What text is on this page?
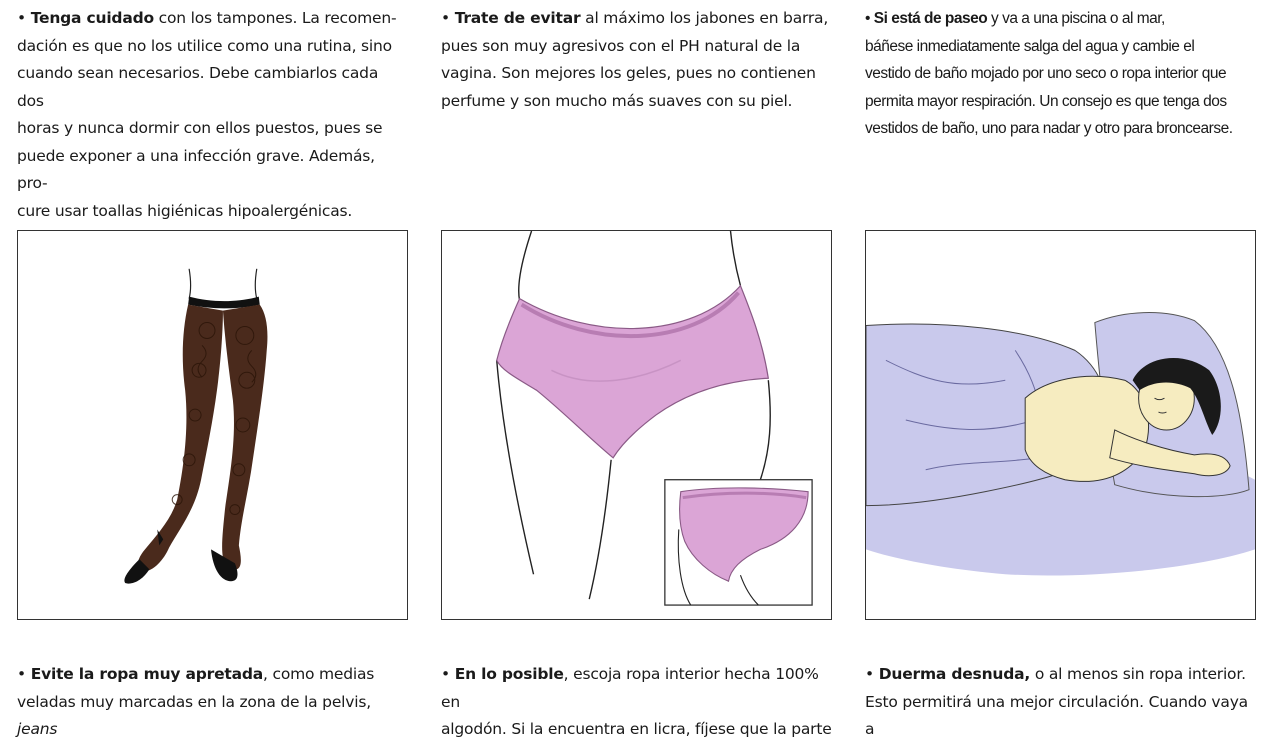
• Tenga cuidado con los tampones. La recomen-
dación es que no los utilice como una rutina, sino
cuando sean necesarios. Debe cambiarlos cada dos
horas y nunca dormir con ellos puestos, pues se
puede exponer a una infección grave. Además, pro-
cure usar toallas higiénicas hipoalergénicas.
• Trate de evitar al máximo los jabones en barra,
pues son muy agresivos con el PH natural de la
vagina. Son mejores los geles, pues no contienen
perfume y son mucho más suaves con su piel.
• Si está de paseo y va a una piscina o al mar,
báñese inmediatamente salga del agua y cambie el
vestido de baño mojado por uno seco o ropa interior que
permita mayor respiración. Un consejo es que tenga dos
vestidos de baño, uno para nadar y otro para broncearse.
• Evite la ropa muy apretada, como medias
veladas muy marcadas en la zona de la pelvis, jeans
• En lo posible, escoja ropa interior hecha 100% en
algodón. Si la encuentra en licra, fíjese que la parte
• Duerma desnuda, o al menos sin ropa interior.
Esto permitirá una mejor circulación. Cuando vaya a
